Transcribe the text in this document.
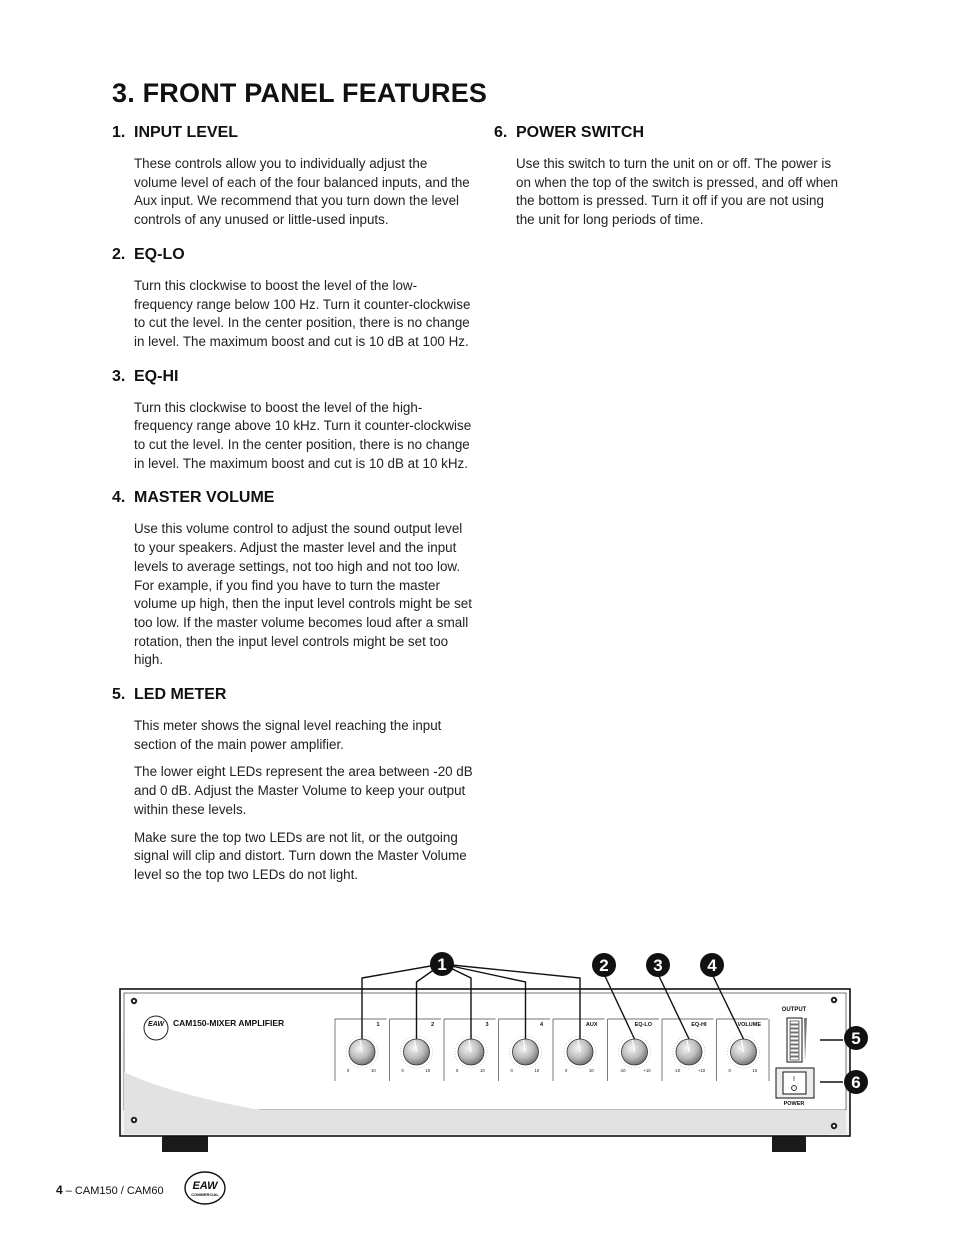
3. FRONT PANEL FEATURES
1. INPUT LEVEL

These controls allow you to individually adjust the volume level of each of the four balanced inputs, and the Aux input. We recommend that you turn down the level controls of any unused or little-used inputs.

2. EQ-LO

Turn this clockwise to boost the level of the low-frequency range below 100 Hz. Turn it counter-clockwise to cut the level. In the center position, there is no change in level. The maximum boost and cut is 10 dB at 100 Hz.

3. EQ-HI

Turn this clockwise to boost the level of the high-frequency range above 10 kHz. Turn it counter-clockwise to cut the level. In the center position, there is no change in level. The maximum boost and cut is 10 dB at 10 kHz.

4. MASTER VOLUME

Use this volume control to adjust the sound output level to your speakers. Adjust the master level and the input levels to average settings, not too high and not too low. For example, if you find you have to turn the master volume up high, then the input level controls might be set too low. If the master volume becomes loud after a small rotation, then the input level controls might be set too high.

5. LED METER

This meter shows the signal level reaching the input section of the main power amplifier.

The lower eight LEDs represent the area between -20 dB and 0 dB. Adjust the Master Volume to keep your output within these levels.

Make sure the top two LEDs are not lit, or the outgoing signal will clip and distort. Turn down the Master Volume level so the top two LEDs do not light.

6. POWER SWITCH

Use this switch to turn the unit on or off. The power is on when the top of the switch is pressed, and off when the bottom is pressed. Turn it off if you are not using the unit for long periods of time.

EAW CAM150-MIXER AMPLIFIER	1
0	10
2
0	10
3
0	10
4
0	10
AUX
0	10
EQ-LO
-10	+10
EQ-HI
-10	+10
VOLUME
0	10
1	2	3	4
5
6
OUTPUT
I
POWER
4 – CAM150 / CAM60	EAW
COMMERCIAL
